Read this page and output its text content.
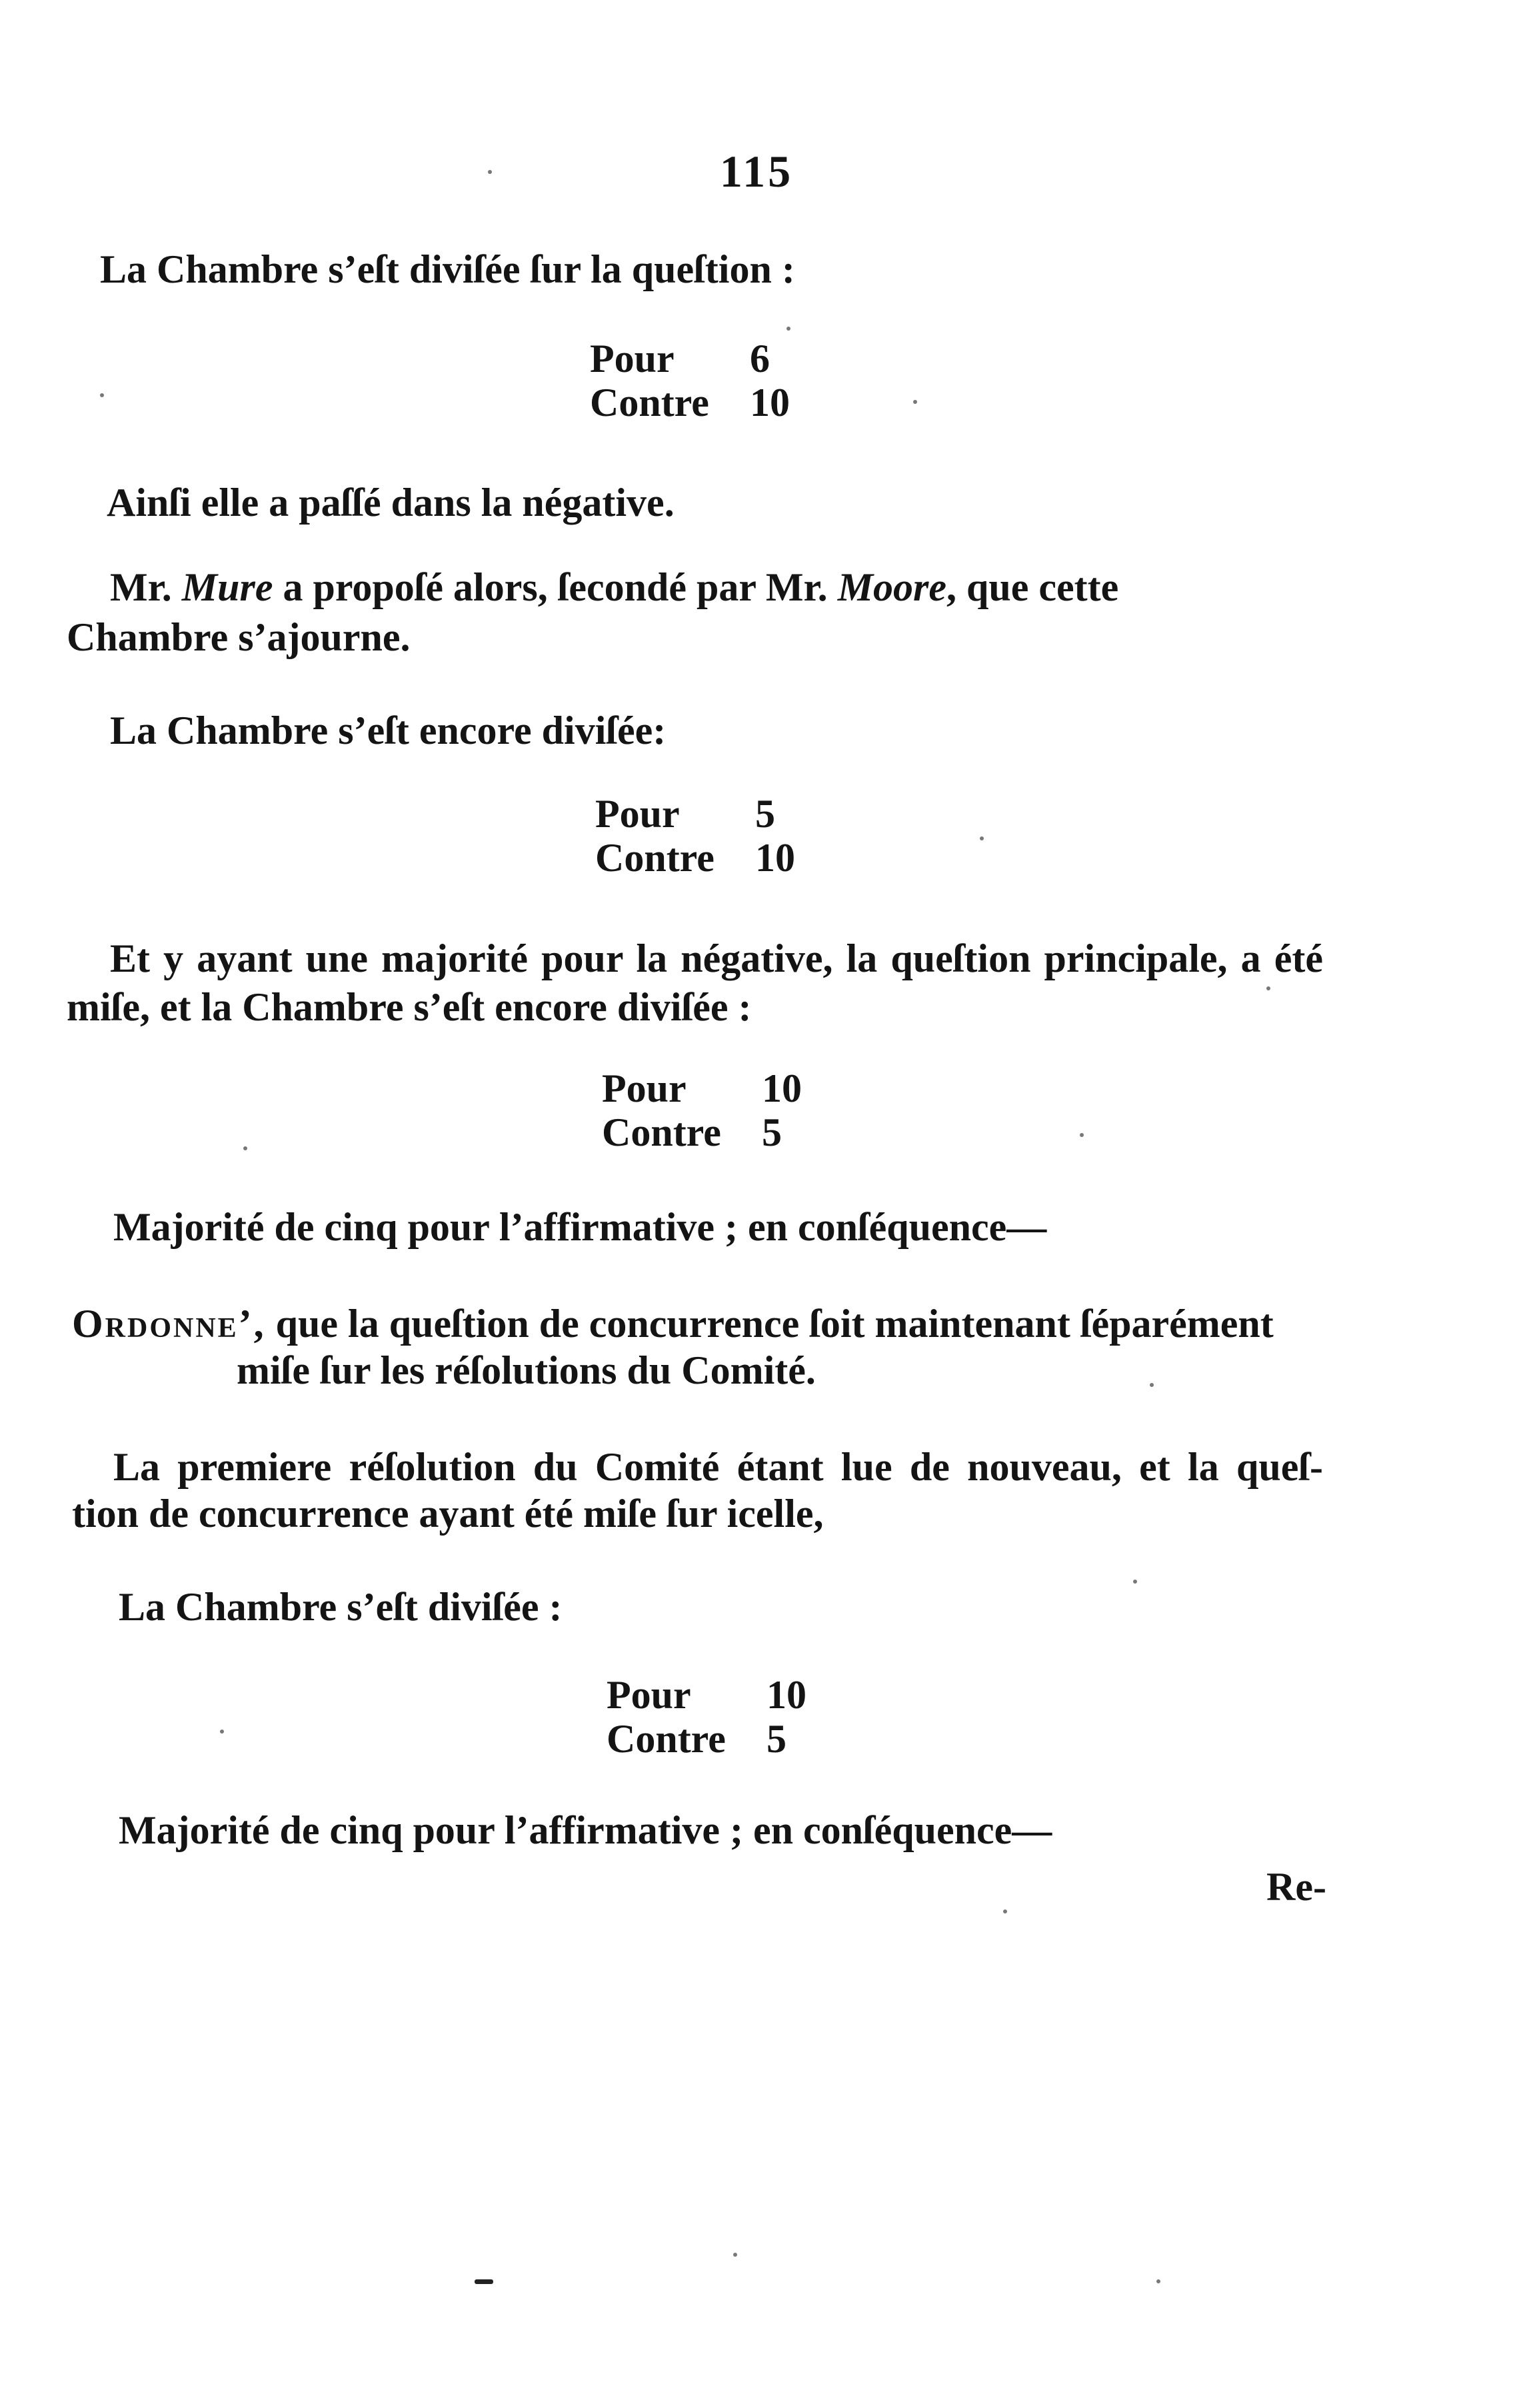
115
La Chambre s’eſt diviſée ſur la queſtion :
Pour	6
Contre	10
Ainſi elle a paſſé dans la négative.
Mr. Mure a propoſé alors, ſecondé par Mr. Moore, que cette
Chambre s’ajourne.
La Chambre s’eſt encore diviſée:
Pour	5
Contre	10
Et y ayant une majorité pour la négative, la queſtion principale, a été
miſe, et la Chambre s’eſt encore diviſée :
Pour	10
Contre	5
Majorité de cinq pour l’affirmative ; en conſéquence—
Ordonne’, que la queſtion de concurrence ſoit maintenant ſéparément
miſe ſur les réſolutions du Comité.
La premiere réſolution du Comité étant lue de nouveau, et la queſ-
tion de concurrence ayant été miſe ſur icelle,
La Chambre s’eſt diviſée :
Pour	10
Contre	5
Majorité de cinq pour l’affirmative ; en conſéquence—
Re-
